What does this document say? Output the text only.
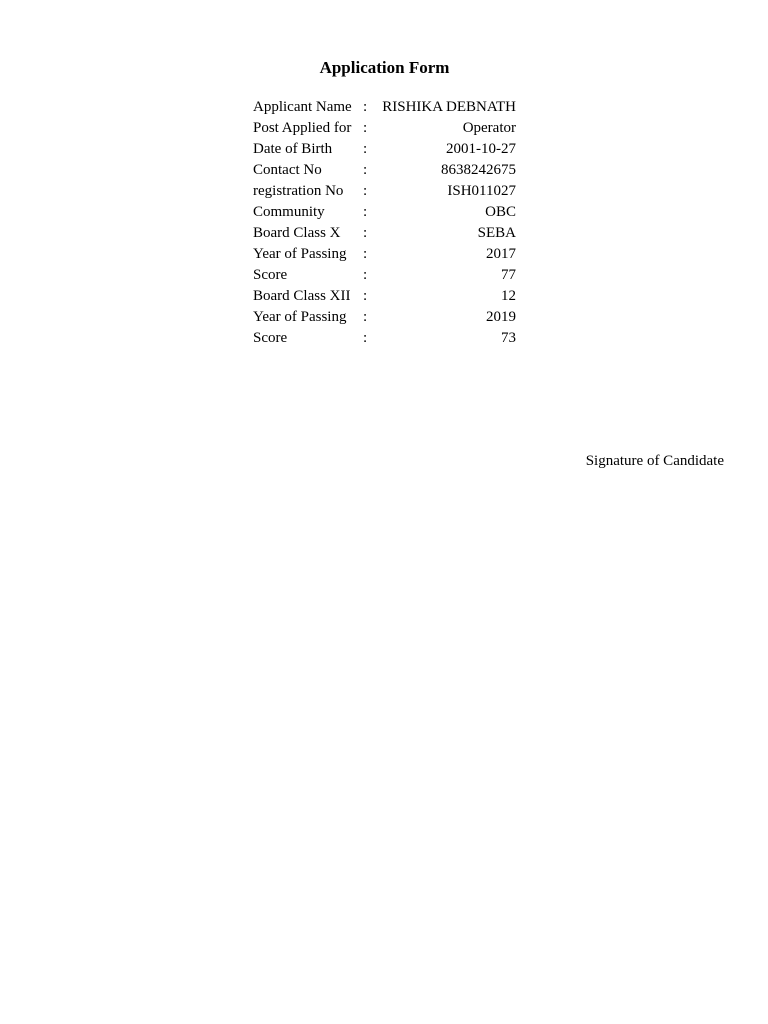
Application Form
Applicant Name : RISHIKA DEBNATH
Post Applied for :	Operator
Date of Birth :	2001-10-27
Contact No	:	8638242675
registration No :	ISH011027
Community	:	OBC
Board Class X :	SEBA
Year of Passing :	2017
Score	:	77
Board Class XII :	12
Year of Passing :	2019
Score	:	73
Signature of Candidate
